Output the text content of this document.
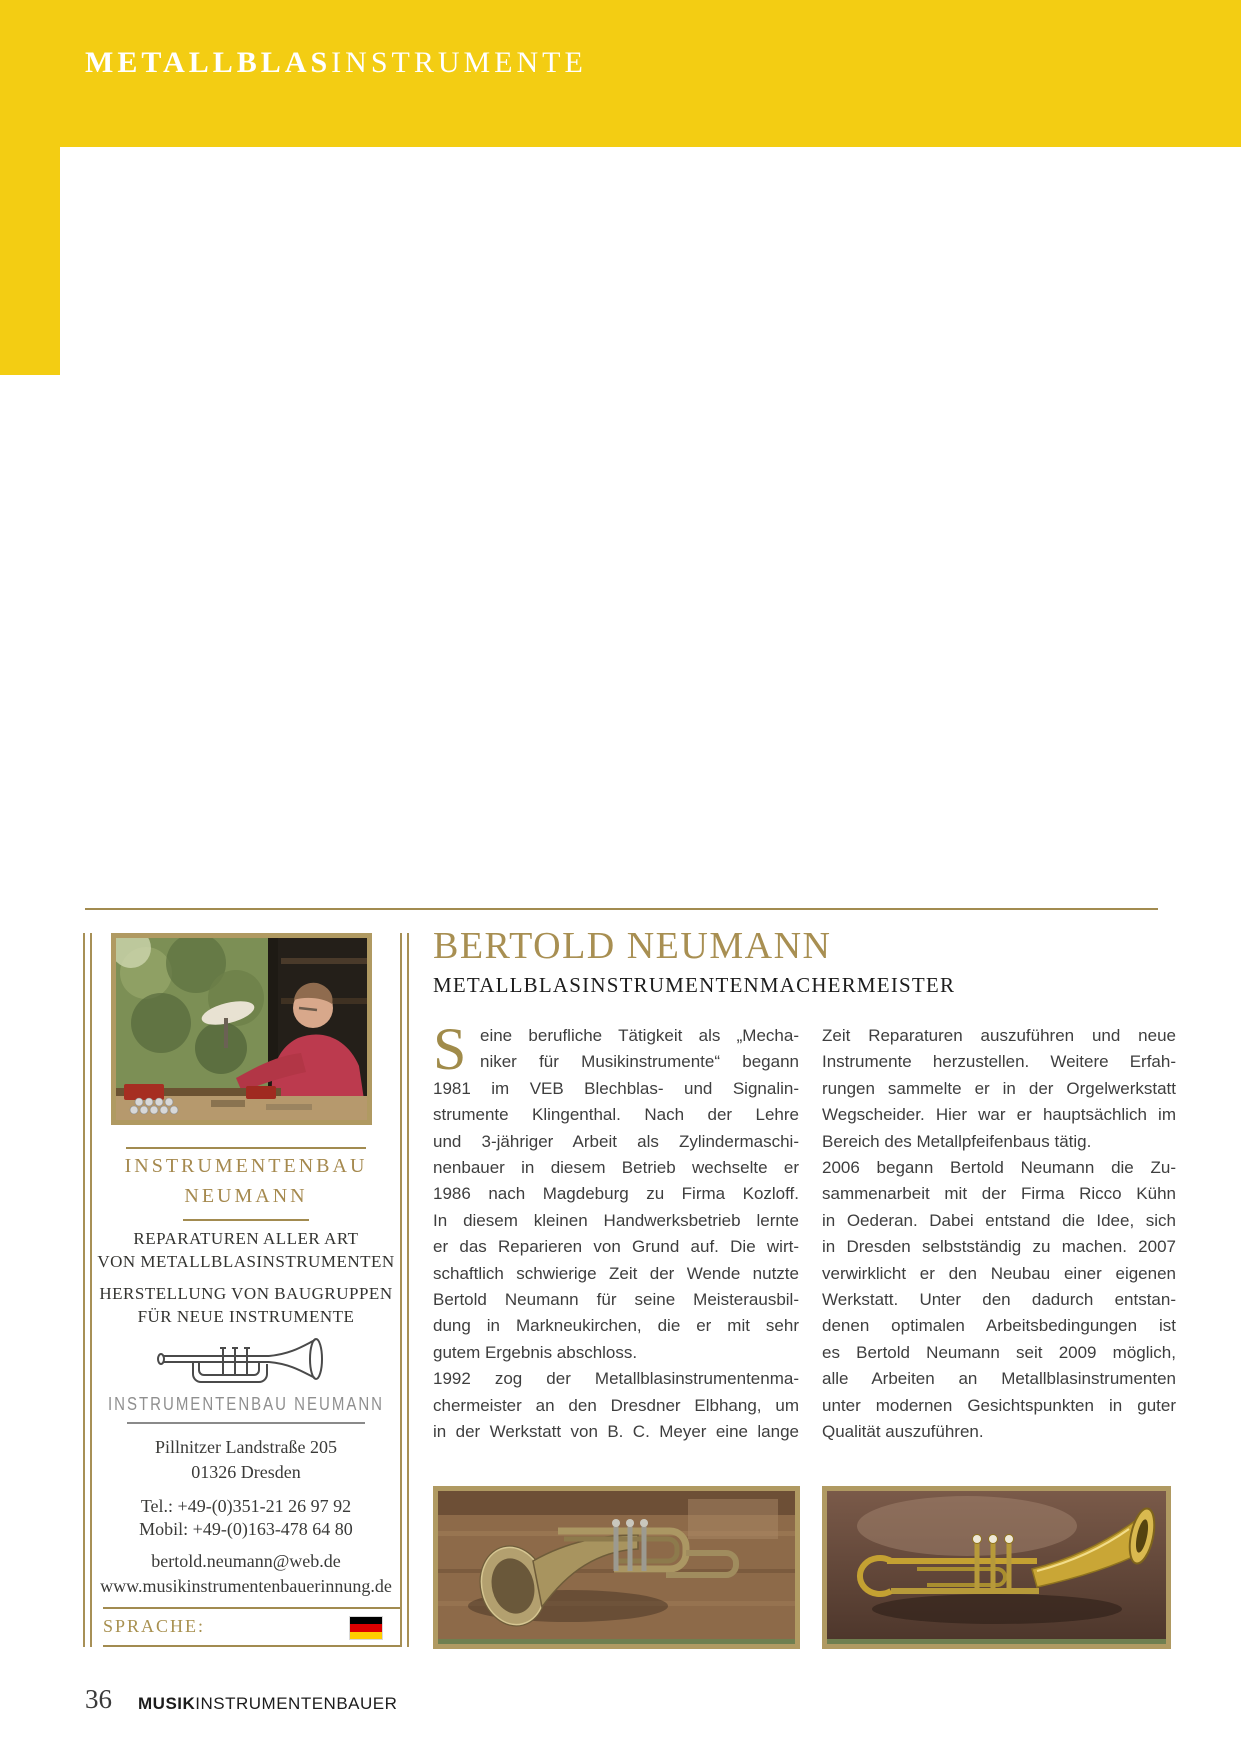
METALLBLASINSTRUMENTE
INSTRUMENTENBAU
NEUMANN
REPARATUREN ALLER ART
VON METALLBLASINSTRUMENTEN
HERSTELLUNG VON BAUGRUPPEN
FÜR NEUE INSTRUMENTE
INSTRUMENTENBAU NEUMANN
Pillnitzer Landstraße 205
01326 Dresden
Tel.: +49-(0)351-21 26 97 92
Mobil: +49-(0)163-478 64 80
bertold.neumann@web.de
www.musikinstrumentenbauerinnung.de
SPRACHE:
BERTOLD NEUMANN
METALLBLASINSTRUMENTENMACHERMEISTER
S eine berufliche Tätigkeit als „Mecha-
niker für Musikinstrumente“ begann
1981 im VEB Blechblas- und Signalin-
strumente Klingenthal. Nach der Lehre
und 3-jähriger Arbeit als Zylindermaschi-
nenbauer in diesem Betrieb wechselte er
1986 nach Magdeburg zu Firma Kozloff.
In diesem kleinen Handwerksbetrieb lernte
er das Reparieren von Grund auf. Die wirt-
schaftlich schwierige Zeit der Wende nutzte
Bertold Neumann für seine Meisterausbil-
dung in Markneukirchen, die er mit sehr
gutem Ergebnis abschloss.
1992 zog der Metallblasinstrumentenma-
chermeister an den Dresdner Elbhang, um
in der Werkstatt von B. C. Meyer eine lange
Zeit Reparaturen auszuführen und neue
Instrumente herzustellen. Weitere Erfah-
rungen sammelte er in der Orgelwerkstatt
Wegscheider. Hier war er hauptsächlich im
Bereich des Metallpfeifenbaus tätig.
2006 begann Bertold Neumann die Zu-
sammenarbeit mit der Firma Ricco Kühn
in Oederan. Dabei entstand die Idee, sich
in Dresden selbstständig zu machen. 2007
verwirklicht er den Neubau einer eigenen
Werkstatt. Unter den dadurch entstan-
denen optimalen Arbeitsbedingungen ist
es Bertold Neumann seit 2009 möglich,
alle Arbeiten an Metallblasinstrumenten
unter modernen Gesichtspunkten in guter
Qualität auszuführen.
36 MUSIKINSTRUMENTENBAUER
